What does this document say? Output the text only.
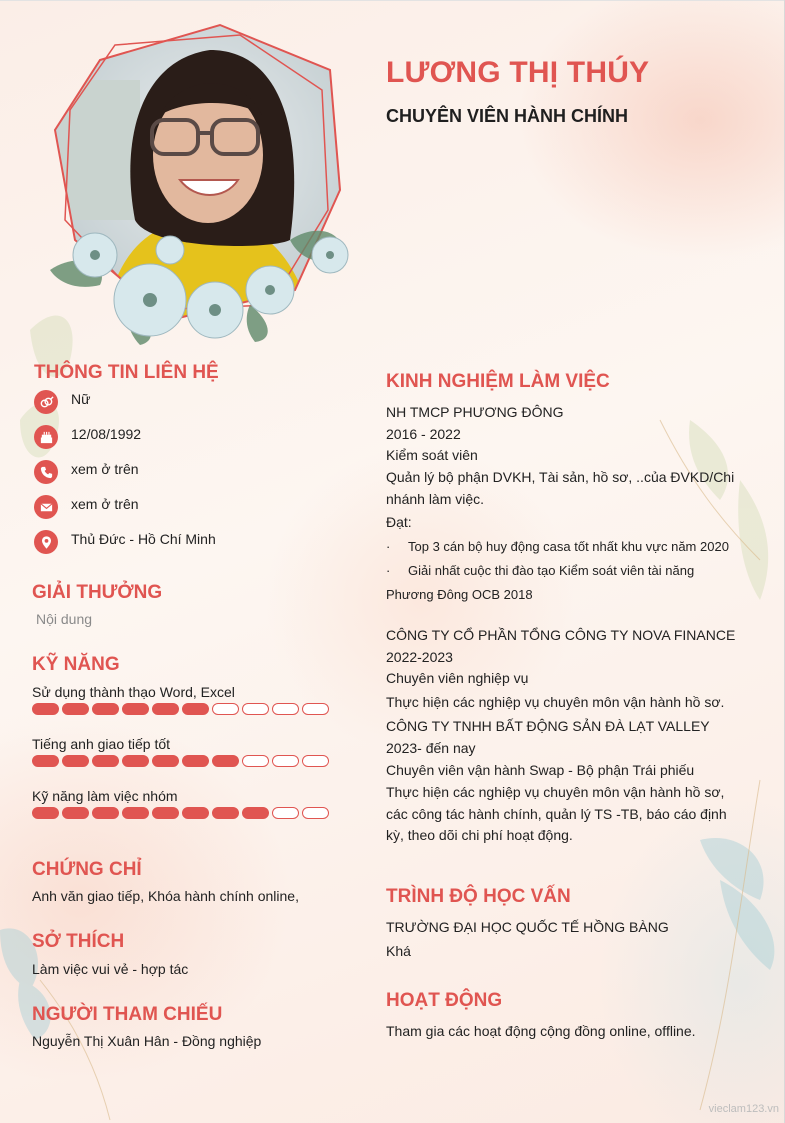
LƯƠNG THỊ THÚY
CHUYÊN VIÊN HÀNH CHÍNH
THÔNG TIN LIÊN HỆ
Nữ
12/08/1992
xem ở trên
xem ở trên
Thủ Đức - Hồ Chí Minh
GIẢI THƯỞNG
Nội dung
KỸ NĂNG
Sử dụng thành thạo Word, Excel
Tiếng anh giao tiếp tốt
Kỹ năng làm việc nhóm
CHỨNG CHỈ
Anh văn giao tiếp, Khóa hành chính online,
SỞ THÍCH
Làm việc vui vẻ - hợp tác
NGƯỜI THAM CHIẾU
Nguyễn Thị Xuân Hân - Đồng nghiệp
KINH NGHIỆM LÀM VIỆC
NH TMCP PHƯƠNG ĐÔNG
2016 - 2022
Kiểm soát viên
Quản lý bộ phận DVKH, Tài sản, hồ sơ, ..của ĐVKD/Chi
nhánh làm việc.
Đạt:
· Top 3 cán bộ huy động casa tốt nhất khu vực năm 2020
· Giải nhất cuộc thi đào tạo Kiểm soát viên tài năng
Phương Đông OCB 2018
CÔNG TY CỔ PHẦN TỔNG CÔNG TY NOVA FINANCE
2022-2023
Chuyên viên nghiệp vụ
Thực hiện các nghiệp vụ chuyên môn vận hành hồ sơ.
CÔNG TY TNHH BẤT ĐỘNG SẢN ĐÀ LẠT VALLEY
2023- đến nay
Chuyên viên vận hành Swap - Bộ phận Trái phiếu
Thực hiện các nghiệp vụ chuyên môn vận hành hồ sơ,
các công tác hành chính, quản lý TS -TB, báo cáo định
kỳ, theo dõi chi phí hoạt động.
TRÌNH ĐỘ HỌC VẤN
TRƯỜNG ĐẠI HỌC QUỐC TẾ HỒNG BÀNG
Khá
HOẠT ĐỘNG
Tham gia các hoạt động cộng đồng online, offline.
vieclam123.vn
